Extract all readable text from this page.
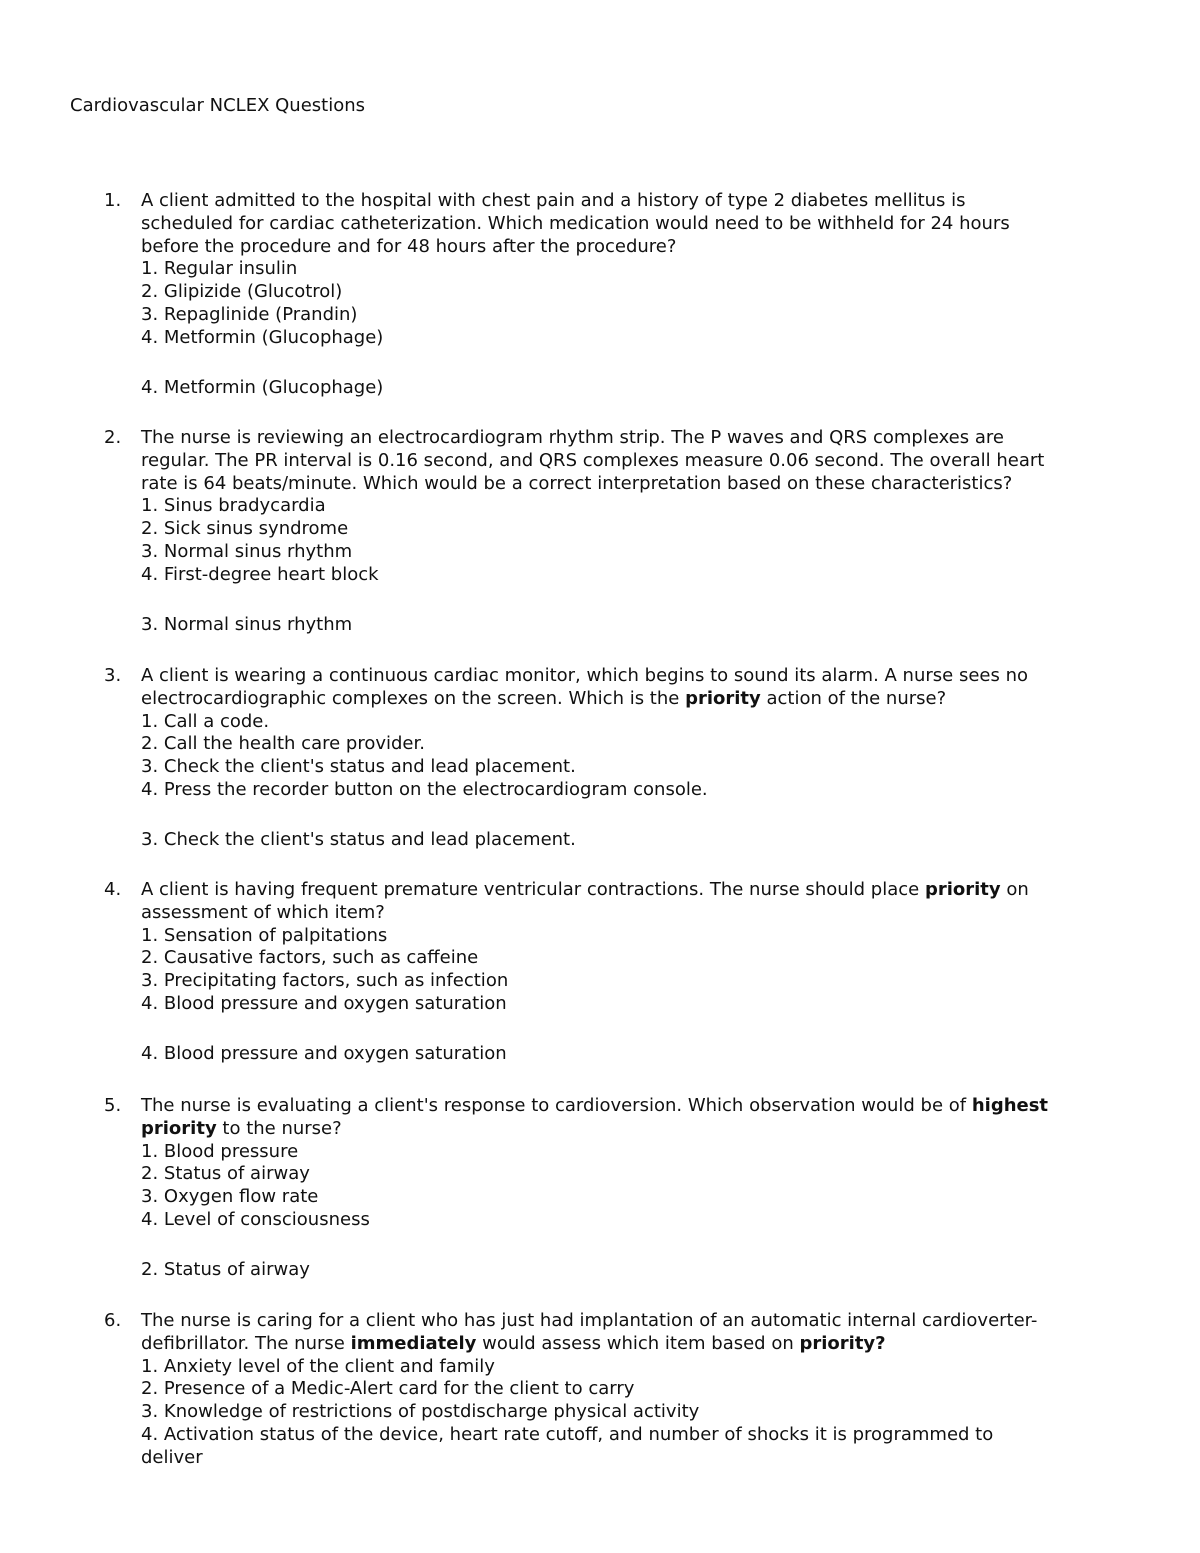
Cardiovascular NCLEX Questions
1. A client admitted to the hospital with chest pain and a history of type 2 diabetes mellitus is
scheduled for cardiac catheterization. Which medication would need to be withheld for 24 hours
before the procedure and for 48 hours after the procedure?
1. Regular insulin
2. Glipizide (Glucotrol)
3. Repaglinide (Prandin)
4. Metformin (Glucophage)
4. Metformin (Glucophage)
2. The nurse is reviewing an electrocardiogram rhythm strip. The P waves and QRS complexes are
regular. The PR interval is 0.16 second, and QRS complexes measure 0.06 second. The overall heart
rate is 64 beats/minute. Which would be a correct interpretation based on these characteristics?
1. Sinus bradycardia
2. Sick sinus syndrome
3. Normal sinus rhythm
4. First-degree heart block
3. Normal sinus rhythm
3. A client is wearing a continuous cardiac monitor, which begins to sound its alarm. A nurse sees no
electrocardiographic complexes on the screen. Which is the priority action of the nurse?
1. Call a code.
2. Call the health care provider.
3. Check the client's status and lead placement.
4. Press the recorder button on the electrocardiogram console.
3. Check the client's status and lead placement.
4. A client is having frequent premature ventricular contractions. The nurse should place priority on
assessment of which item?
1. Sensation of palpitations
2. Causative factors, such as caffeine
3. Precipitating factors, such as infection
4. Blood pressure and oxygen saturation
4. Blood pressure and oxygen saturation
5. The nurse is evaluating a client's response to cardioversion. Which observation would be of highest
priority to the nurse?
1. Blood pressure
2. Status of airway
3. Oxygen flow rate
4. Level of consciousness
2. Status of airway
6. The nurse is caring for a client who has just had implantation of an automatic internal cardioverter-
defibrillator. The nurse immediately would assess which item based on priority?
1. Anxiety level of the client and family
2. Presence of a Medic-Alert card for the client to carry
3. Knowledge of restrictions of postdischarge physical activity
4. Activation status of the device, heart rate cutoff, and number of shocks it is programmed to
deliver
